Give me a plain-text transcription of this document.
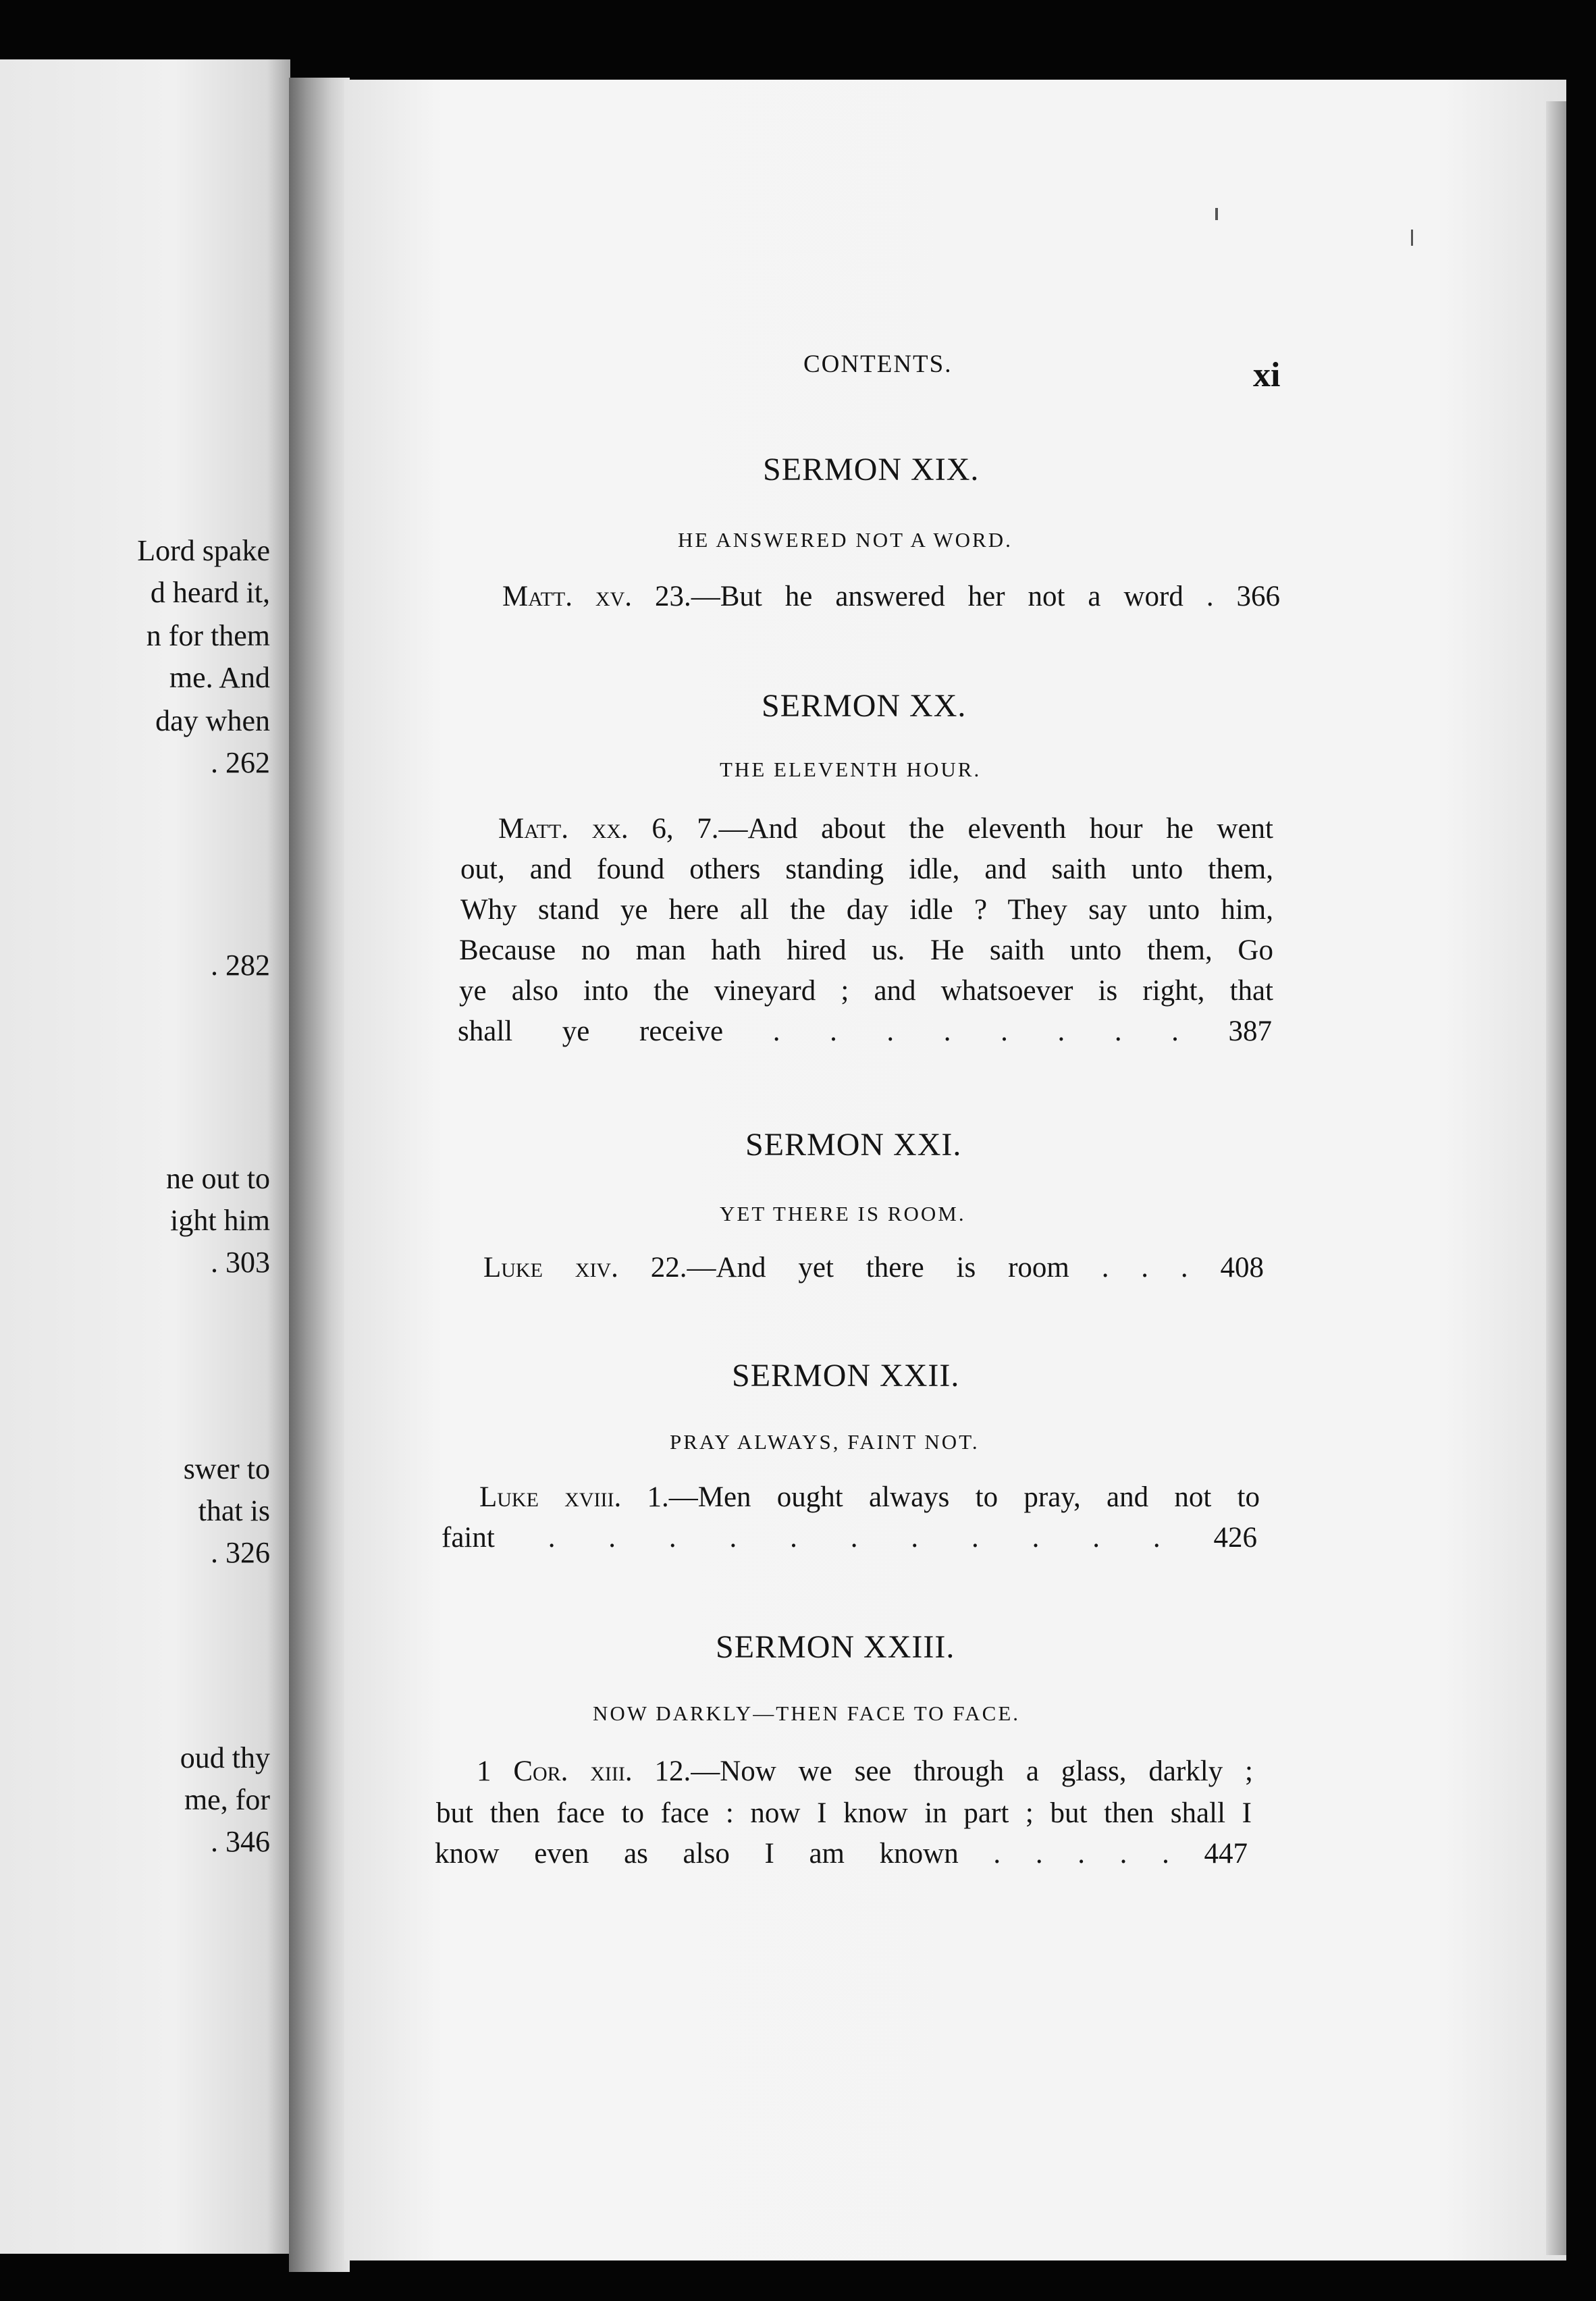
Lord spake
d heard it,
n for them
me. And
day when
. 262
. 282
ne out to
ight him
. 303
swer to
that is
. 326
oud thy
me, for
. 346
CONTENTS.	xi
SERMON XIX.
HE ANSWERED NOT A WORD.
Matt. xv. 23.—But he answered her not a word . 366
SERMON XX.
THE ELEVENTH HOUR.
Matt. xx. 6, 7.—And about the eleventh hour he went
out, and found others standing idle, and saith unto them,
Why stand ye here all the day idle ? They say unto him,
Because no man hath hired us. He saith unto them, Go
ye also into the vineyard ; and whatsoever is right, that
shall ye receive . . . . . . . . 387
SERMON XXI.
YET THERE IS ROOM.
Luke xiv. 22.—And yet there is room . . . 408
SERMON XXII.
PRAY ALWAYS, FAINT NOT.
Luke xviii. 1.—Men ought always to pray, and not to
faint . . . . . . . . . . . 426
SERMON XXIII.
NOW DARKLY—THEN FACE TO FACE.
1 Cor. xiii. 12.—Now we see through a glass, darkly ;
but then face to face : now I know in part ; but then shall I
know even as also I am known . . . . . 447
